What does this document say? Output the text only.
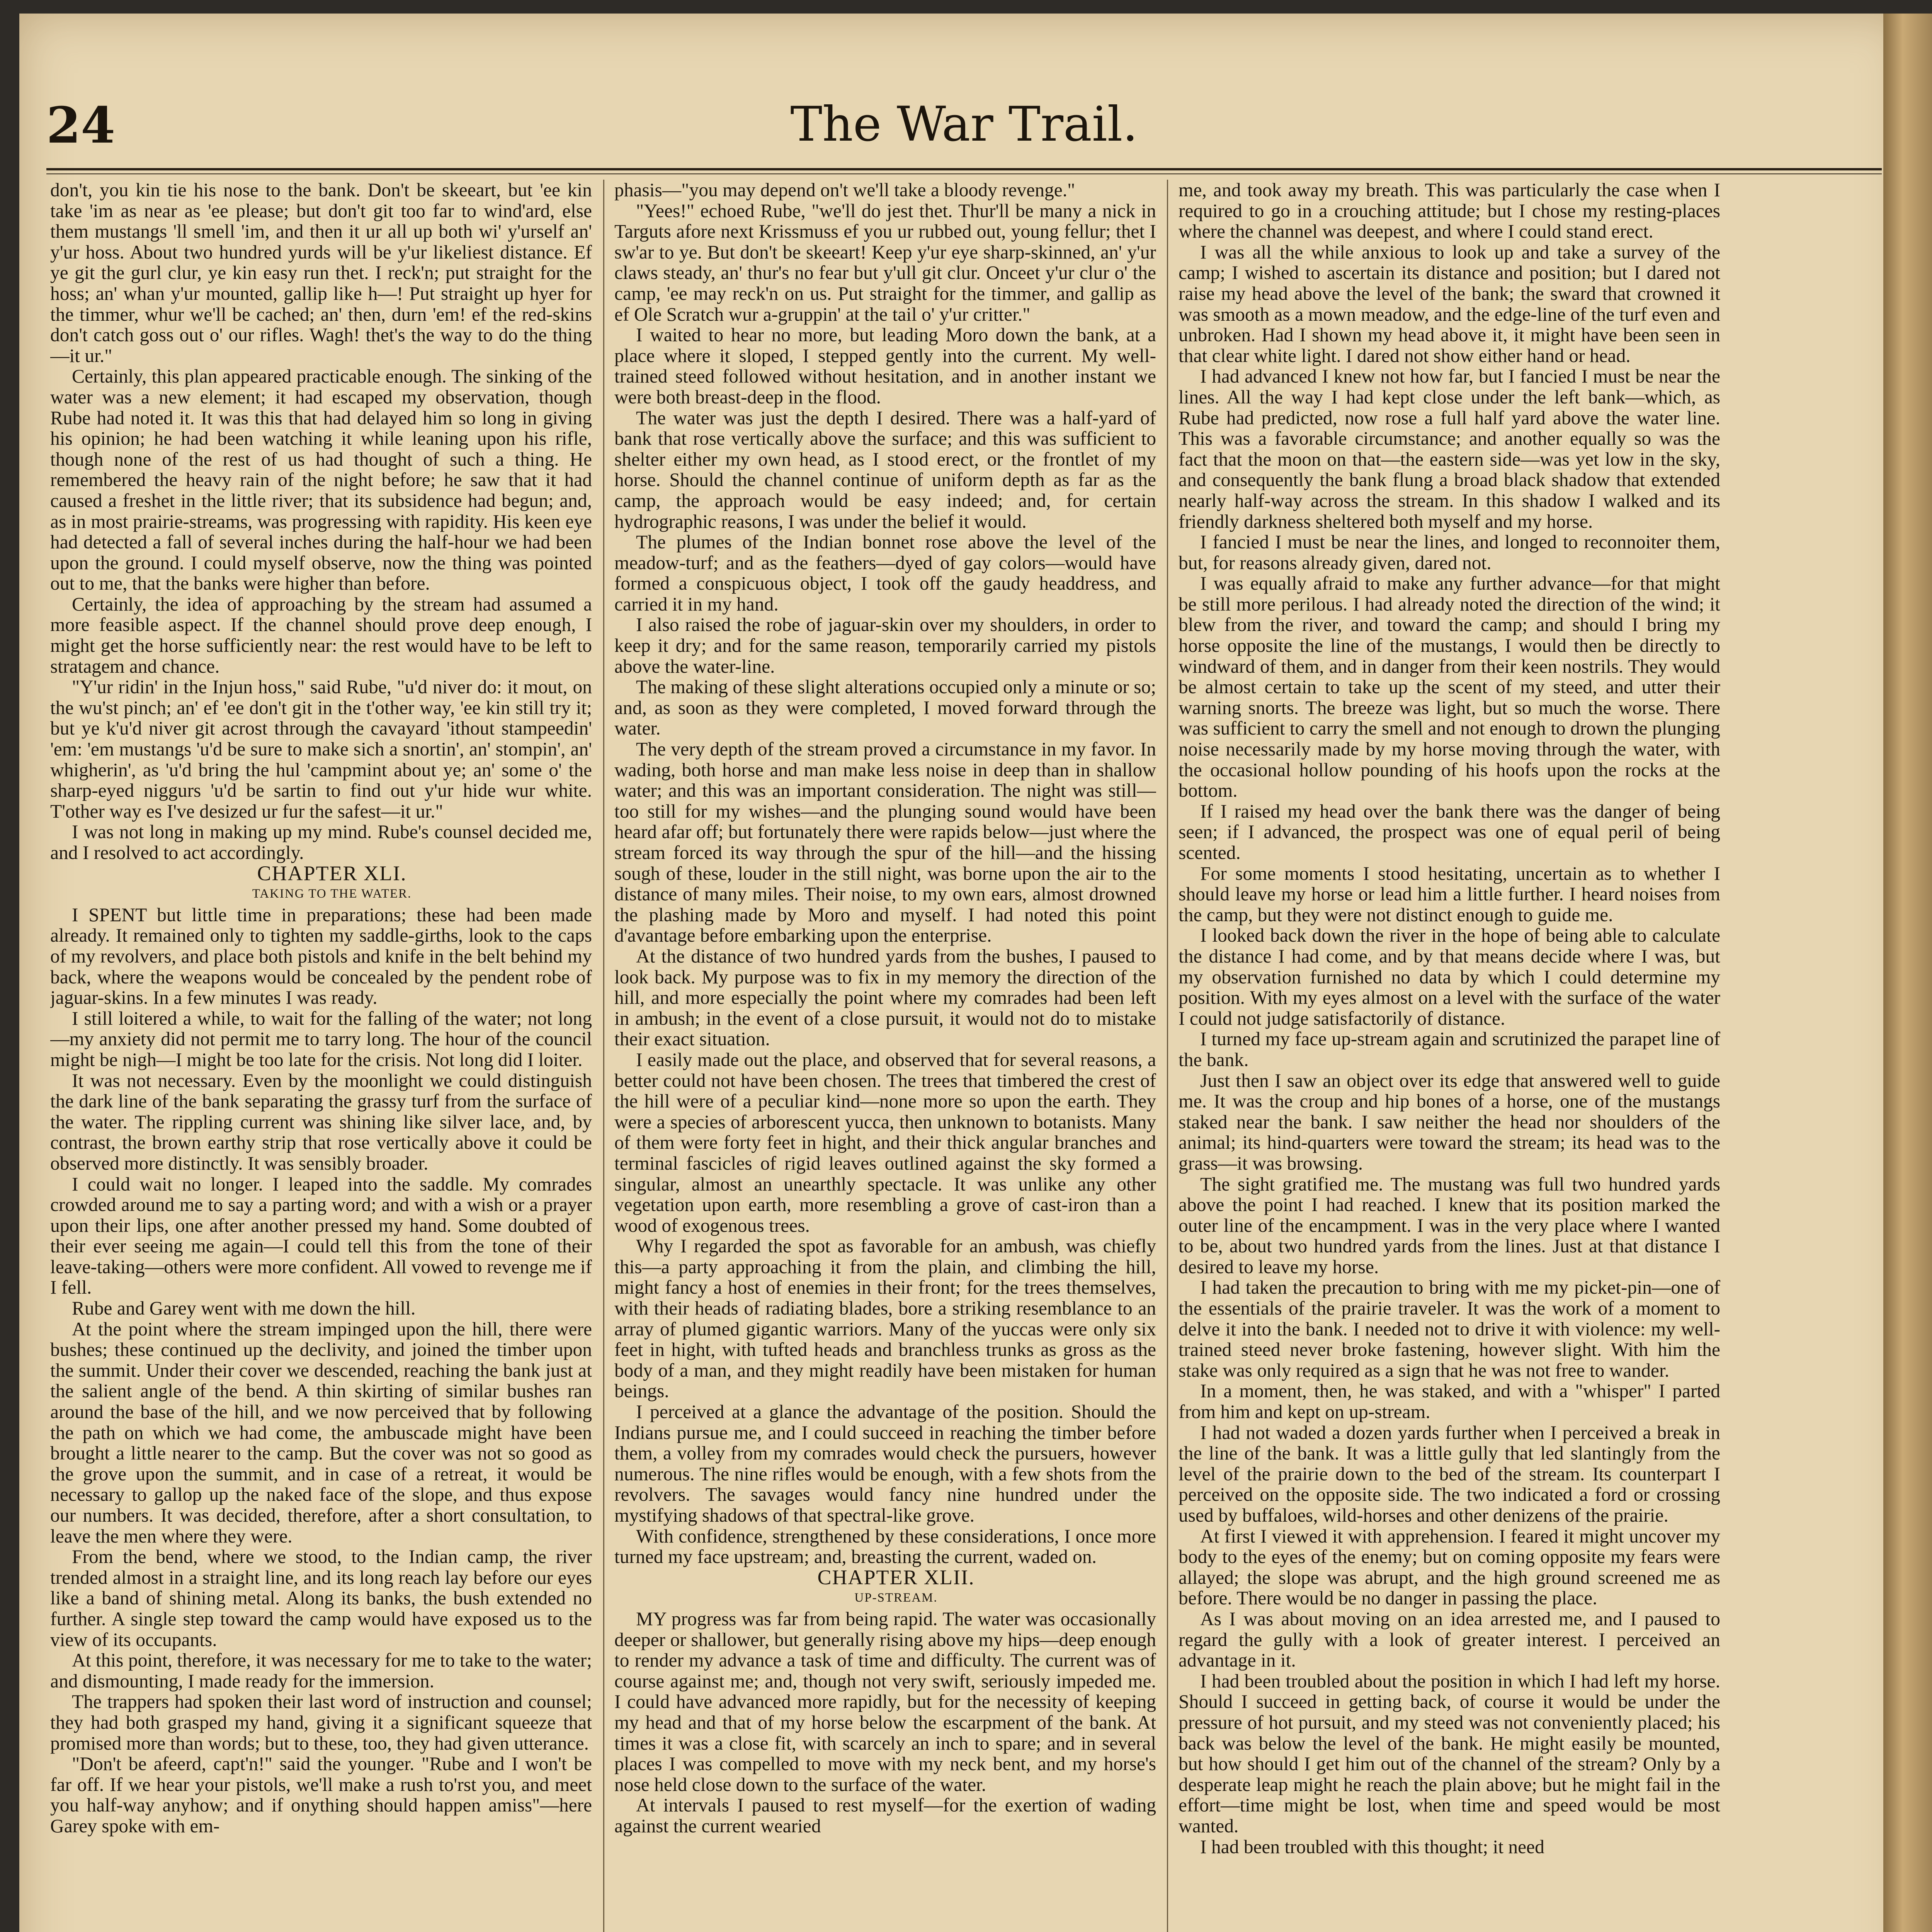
24	The War Trail.

don't, you kin tie his nose to the bank. Don't be skeeart, but 'ee kin take 'im as near as 'ee please; but don't git too far to wind'ard, else them mustangs 'll smell 'im, and then it ur all up both wi' y'urself an' y'ur hoss. About two hundred yurds will be y'ur likeliest distance. Ef ye git the gurl clur, ye kin easy run thet. I reck'n; put straight for the hoss; an' whan y'ur mounted, gallip like h—! Put straight up hyer for the timmer, whur we'll be cached; an' then, durn 'em! ef the red-skins don't catch goss out o' our rifles. Wagh! thet's the way to do the thing—it ur."

Certainly, this plan appeared practicable enough. The sinking of the water was a new element; it had escaped my observation, though Rube had noted it. It was this that had delayed him so long in giving his opinion; he had been watching it while leaning upon his rifle, though none of the rest of us had thought of such a thing. He remembered the heavy rain of the night before; he saw that it had caused a freshet in the little river; that its subsidence had begun; and, as in most prairie-streams, was progressing with rapidity. His keen eye had detected a fall of several inches during the half-hour we had been upon the ground. I could myself observe, now the thing was pointed out to me, that the banks were higher than before.

Certainly, the idea of approaching by the stream had assumed a more feasible aspect. If the channel should prove deep enough, I might get the horse sufficiently near: the rest would have to be left to stratagem and chance.

"Y'ur ridin' in the Injun hoss," said Rube, "u'd niver do: it mout, on the wu'st pinch; an' ef 'ee don't git in the t'other way, 'ee kin still try it; but ye k'u'd niver git acrost through the cavayard 'ithout stampeedin' 'em: 'em mustangs 'u'd be sure to make sich a snortin', an' stompin', an' whigherin', as 'u'd bring the hul 'campmint about ye; an' some o' the sharp-eyed niggurs 'u'd be sartin to find out y'ur hide wur white. T'other way es I've desized ur fur the safest—it ur."

I was not long in making up my mind. Rube's counsel decided me, and I resolved to act accordingly.

CHAPTER XLI.

TAKING TO THE WATER.

I SPENT but little time in preparations; these had been made already. It remained only to tighten my saddle-girths, look to the caps of my revolvers, and place both pistols and knife in the belt behind my back, where the weapons would be concealed by the pendent robe of jaguar-skins. In a few minutes I was ready.

I still loitered a while, to wait for the falling of the water; not long—my anxiety did not permit me to tarry long. The hour of the council might be nigh—I might be too late for the crisis. Not long did I loiter.

It was not necessary. Even by the moonlight we could distinguish the dark line of the bank separating the grassy turf from the surface of the water. The rippling current was shining like silver lace, and, by contrast, the brown earthy strip that rose vertically above it could be observed more distinctly. It was sensibly broader.

I could wait no longer. I leaped into the saddle. My comrades crowded around me to say a parting word; and with a wish or a prayer upon their lips, one after another pressed my hand. Some doubted of their ever seeing me again—I could tell this from the tone of their leave-taking—others were more confident. All vowed to revenge me if I fell.

Rube and Garey went with me down the hill.

At the point where the stream impinged upon the hill, there were bushes; these continued up the declivity, and joined the timber upon the summit. Under their cover we descended, reaching the bank just at the salient angle of the bend. A thin skirting of similar bushes ran around the base of the hill, and we now perceived that by following the path on which we had come, the ambuscade might have been brought a little nearer to the camp. But the cover was not so good as the grove upon the summit, and in case of a retreat, it would be necessary to gallop up the naked face of the slope, and thus expose our numbers. It was decided, therefore, after a short consultation, to leave the men where they were.

From the bend, where we stood, to the Indian camp, the river trended almost in a straight line, and its long reach lay before our eyes like a band of shining metal. Along its banks, the bush extended no further. A single step toward the camp would have exposed us to the view of its occupants.

At this point, therefore, it was necessary for me to take to the water; and dismounting, I made ready for the immersion.

The trappers had spoken their last word of instruction and counsel; they had both grasped my hand, giving it a significant squeeze that promised more than words; but to these, too, they had given utterance.

"Don't be afeerd, capt'n!" said the younger. "Rube and I won't be far off. If we hear your pistols, we'll make a rush to'rst you, and meet you half-way anyhow; and if onything should happen amiss"—here Garey spoke with em-

phasis—"you may depend on't we'll take a bloody revenge."

"Yees!" echoed Rube, "we'll do jest thet. Thur'll be many a nick in Targuts afore next Krissmuss ef you ur rubbed out, young fellur; thet I sw'ar to ye. But don't be skeeart! Keep y'ur eye sharp-skinned, an' y'ur claws steady, an' thur's no fear but y'ull git clur. Onceet y'ur clur o' the camp, 'ee may reck'n on us. Put straight for the timmer, and gallip as ef Ole Scratch wur a-gruppin' at the tail o' y'ur critter."

I waited to hear no more, but leading Moro down the bank, at a place where it sloped, I stepped gently into the current. My well-trained steed followed without hesitation, and in another instant we were both breast-deep in the flood.

The water was just the depth I desired. There was a half-yard of bank that rose vertically above the surface; and this was sufficient to shelter either my own head, as I stood erect, or the frontlet of my horse. Should the channel continue of uniform depth as far as the camp, the approach would be easy indeed; and, for certain hydrographic reasons, I was under the belief it would.

The plumes of the Indian bonnet rose above the level of the meadow-turf; and as the feathers—dyed of gay colors—would have formed a conspicuous object, I took off the gaudy headdress, and carried it in my hand.

I also raised the robe of jaguar-skin over my shoulders, in order to keep it dry; and for the same reason, temporarily carried my pistols above the water-line.

The making of these slight alterations occupied only a minute or so; and, as soon as they were completed, I moved forward through the water.

The very depth of the stream proved a circumstance in my favor. In wading, both horse and man make less noise in deep than in shallow water; and this was an important consideration. The night was still—too still for my wishes—and the plunging sound would have been heard afar off; but fortunately there were rapids below—just where the stream forced its way through the spur of the hill—and the hissing sough of these, louder in the still night, was borne upon the air to the distance of many miles. Their noise, to my own ears, almost drowned the plashing made by Moro and myself. I had noted this point d'avantage before embarking upon the enterprise.

At the distance of two hundred yards from the bushes, I paused to look back. My purpose was to fix in my memory the direction of the hill, and more especially the point where my comrades had been left in ambush; in the event of a close pursuit, it would not do to mistake their exact situation.

I easily made out the place, and observed that for several reasons, a better could not have been chosen. The trees that timbered the crest of the hill were of a peculiar kind—none more so upon the earth. They were a species of arborescent yucca, then unknown to botanists. Many of them were forty feet in hight, and their thick angular branches and terminal fascicles of rigid leaves outlined against the sky formed a singular, almost an unearthly spectacle. It was unlike any other vegetation upon earth, more resembling a grove of cast-iron than a wood of exogenous trees.

Why I regarded the spot as favorable for an ambush, was chiefly this—a party approaching it from the plain, and climbing the hill, might fancy a host of enemies in their front; for the trees themselves, with their heads of radiating blades, bore a striking resemblance to an array of plumed gigantic warriors. Many of the yuccas were only six feet in hight, with tufted heads and branchless trunks as gross as the body of a man, and they might readily have been mistaken for human beings.

I perceived at a glance the advantage of the position. Should the Indians pursue me, and I could succeed in reaching the timber before them, a volley from my comrades would check the pursuers, however numerous. The nine rifles would be enough, with a few shots from the revolvers. The savages would fancy nine hundred under the mystifying shadows of that spectral-like grove.

With confidence, strengthened by these considerations, I once more turned my face upstream; and, breasting the current, waded on.

CHAPTER XLII.

UP-STREAM.

MY progress was far from being rapid. The water was occasionally deeper or shallower, but generally rising above my hips—deep enough to render my advance a task of time and difficulty. The current was of course against me; and, though not very swift, seriously impeded me. I could have advanced more rapidly, but for the necessity of keeping my head and that of my horse below the escarpment of the bank. At times it was a close fit, with scarcely an inch to spare; and in several places I was compelled to move with my neck bent, and my horse's nose held close down to the surface of the water.

At intervals I paused to rest myself—for the exertion of wading against the current wearied

me, and took away my breath. This was particularly the case when I required to go in a crouching attitude; but I chose my resting-places where the channel was deepest, and where I could stand erect.

I was all the while anxious to look up and take a survey of the camp; I wished to ascertain its distance and position; but I dared not raise my head above the level of the bank; the sward that crowned it was smooth as a mown meadow, and the edge-line of the turf even and unbroken. Had I shown my head above it, it might have been seen in that clear white light. I dared not show either hand or head.

I had advanced I knew not how far, but I fancied I must be near the lines. All the way I had kept close under the left bank—which, as Rube had predicted, now rose a full half yard above the water line. This was a favorable circumstance; and another equally so was the fact that the moon on that—the eastern side—was yet low in the sky, and consequently the bank flung a broad black shadow that extended nearly half-way across the stream. In this shadow I walked and its friendly darkness sheltered both myself and my horse.

I fancied I must be near the lines, and longed to reconnoiter them, but, for reasons already given, dared not.

I was equally afraid to make any further advance—for that might be still more perilous. I had already noted the direction of the wind; it blew from the river, and toward the camp; and should I bring my horse opposite the line of the mustangs, I would then be directly to windward of them, and in danger from their keen nostrils. They would be almost certain to take up the scent of my steed, and utter their warning snorts. The breeze was light, but so much the worse. There was sufficient to carry the smell and not enough to drown the plunging noise necessarily made by my horse moving through the water, with the occasional hollow pounding of his hoofs upon the rocks at the bottom.

If I raised my head over the bank there was the danger of being seen; if I advanced, the prospect was one of equal peril of being scented.

For some moments I stood hesitating, uncertain as to whether I should leave my horse or lead him a little further. I heard noises from the camp, but they were not distinct enough to guide me.

I looked back down the river in the hope of being able to calculate the distance I had come, and by that means decide where I was, but my observation furnished no data by which I could determine my position. With my eyes almost on a level with the surface of the water I could not judge satisfactorily of distance.

I turned my face up-stream again and scrutinized the parapet line of the bank.

Just then I saw an object over its edge that answered well to guide me. It was the croup and hip bones of a horse, one of the mustangs staked near the bank. I saw neither the head nor shoulders of the animal; its hind-quarters were toward the stream; its head was to the grass—it was browsing.

The sight gratified me. The mustang was full two hundred yards above the point I had reached. I knew that its position marked the outer line of the encampment. I was in the very place where I wanted to be, about two hundred yards from the lines. Just at that distance I desired to leave my horse.

I had taken the precaution to bring with me my picket-pin—one of the essentials of the prairie traveler. It was the work of a moment to delve it into the bank. I needed not to drive it with violence: my well-trained steed never broke fastening, however slight. With him the stake was only required as a sign that he was not free to wander.

In a moment, then, he was staked, and with a "whisper" I parted from him and kept on up-stream.

I had not waded a dozen yards further when I perceived a break in the line of the bank. It was a little gully that led slantingly from the level of the prairie down to the bed of the stream. Its counterpart I perceived on the opposite side. The two indicated a ford or crossing used by buffaloes, wild-horses and other denizens of the prairie.

At first I viewed it with apprehension. I feared it might uncover my body to the eyes of the enemy; but on coming opposite my fears were allayed; the slope was abrupt, and the high ground screened me as before. There would be no danger in passing the place.

As I was about moving on an idea arrested me, and I paused to regard the gully with a look of greater interest. I perceived an advantage in it.

I had been troubled about the position in which I had left my horse. Should I succeed in getting back, of course it would be under the pressure of hot pursuit, and my steed was not conveniently placed; his back was below the level of the bank. He might easily be mounted, but how should I get him out of the channel of the stream? Only by a desperate leap might he reach the plain above; but he might fail in the effort—time might be lost, when time and speed would be most wanted.

I had been troubled with this thought; it need
